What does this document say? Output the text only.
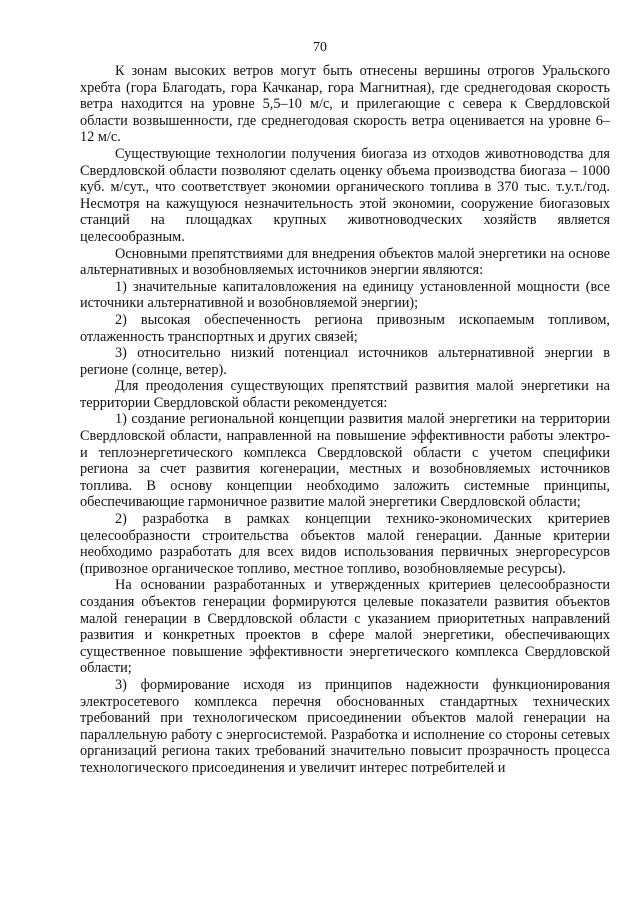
70

К зонам высоких ветров могут быть отнесены вершины отрогов Уральского хребта (гора Благодать, гора Качканар, гора Магнитная), где среднегодовая скорость ветра находится на уровне 5,5–10 м/с, и прилегающие с севера к Свердловской области возвышенности, где среднегодовая скорость ветра оценивается на уровне 6–12 м/с.

Существующие технологии получения биогаза из отходов животноводства для Свердловской области позволяют сделать оценку объема производства биогаза – 1000 куб. м/сут., что соответствует экономии органического топлива в 370 тыс. т.у.т./год. Несмотря на кажущуюся незначительность этой экономии, сооружение биогазовых станций на площадках крупных животноводческих хозяйств является целесообразным.

Основными препятствиями для внедрения объектов малой энергетики на основе альтернативных и возобновляемых источников энергии являются:

1) значительные капиталовложения на единицу установленной мощности (все источники альтернативной и возобновляемой энергии);

2) высокая обеспеченность региона привозным ископаемым топливом, отлаженность транспортных и других связей;

3) относительно низкий потенциал источников альтернативной энергии в регионе (солнце, ветер).

Для преодоления существующих препятствий развития малой энергетики на территории Свердловской области рекомендуется:

1) создание региональной концепции развития малой энергетики на территории Свердловской области, направленной на повышение эффективности работы электро- и теплоэнергетического комплекса Свердловской области с учетом специфики региона за счет развития когенерации, местных и возобновляемых источников топлива. В основу концепции необходимо заложить системные принципы, обеспечивающие гармоничное развитие малой энергетики Свердловской области;

2) разработка в рамках концепции технико-экономических критериев целесообразности строительства объектов малой генерации. Данные критерии необходимо разработать для всех видов использования первичных энергоресурсов (привозное органическое топливо, местное топливо, возобновляемые ресурсы).

На основании разработанных и утвержденных критериев целесообразности создания объектов генерации формируются целевые показатели развития объектов малой генерации в Свердловской области с указанием приоритетных направлений развития и конкретных проектов в сфере малой энергетики, обеспечивающих существенное повышение эффективности энергетического комплекса Свердловской области;

3) формирование исходя из принципов надежности функционирования электросетевого комплекса перечня обоснованных стандартных технических требований при технологическом присоединении объектов малой генерации на параллельную работу с энергосистемой. Разработка и исполнение со стороны сетевых организаций региона таких требований значительно повысит прозрачность процесса технологического присоединения и увеличит интерес потребителей и
